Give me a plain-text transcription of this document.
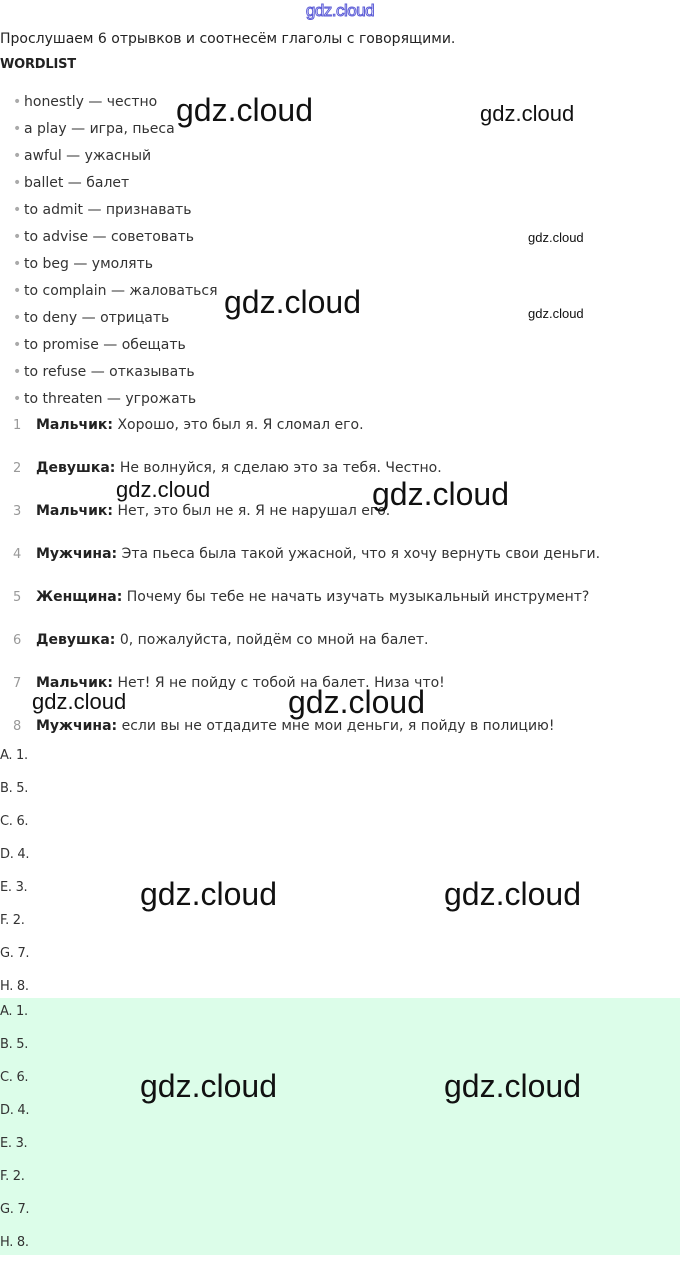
gdz.cloud
Прослушаем 6 отрывков и соотнесём глаголы с говорящими.
WORDLIST
• honestly — честно
• a play — игра, пьеса
• awful — ужасный
• ballet — балет
• to admit — признавать
• to advise — советовать
• to beg — умолять
• to complain — жаловаться
• to deny — отрицать
• to promise — обещать
• to refuse — отказывать
• to threaten — угрожать
1 Мальчик: Хорошо, это был я. Я сломал его.
2 Девушка: Не волнуйся, я сделаю это за тебя. Честно.
3 Мальчик: Нет, это был не я. Я не нарушал его.
4 Мужчина: Эта пьеса была такой ужасной, что я хочу вернуть свои деньги.
5 Женщина: Почему бы тебе не начать изучать музыкальный инструмент?
6 Девушка: 0, пожалуйста, пойдём со мной на балет.
7 Мальчик: Нет! Я не пойду с тобой на балет. Низа что!
8 Мужчина: если вы не отдадите мне мои деньги, я пойду в полицию!
A. 1.
B. 5.
C. 6.
D. 4.
E. 3.
F. 2.
G. 7.
H. 8.
A. 1.
B. 5.
C. 6.
D. 4.
E. 3.
F. 2.
G. 7.
H. 8.
gdz.cloud	gdz.cloud
gdz.cloud
gdz.cloud	gdz.cloud
gdz.cloud	gdz.cloud
gdz.cloud	gdz.cloud
gdz.cloud	gdz.cloud
gdz.cloud	gdz.cloud
